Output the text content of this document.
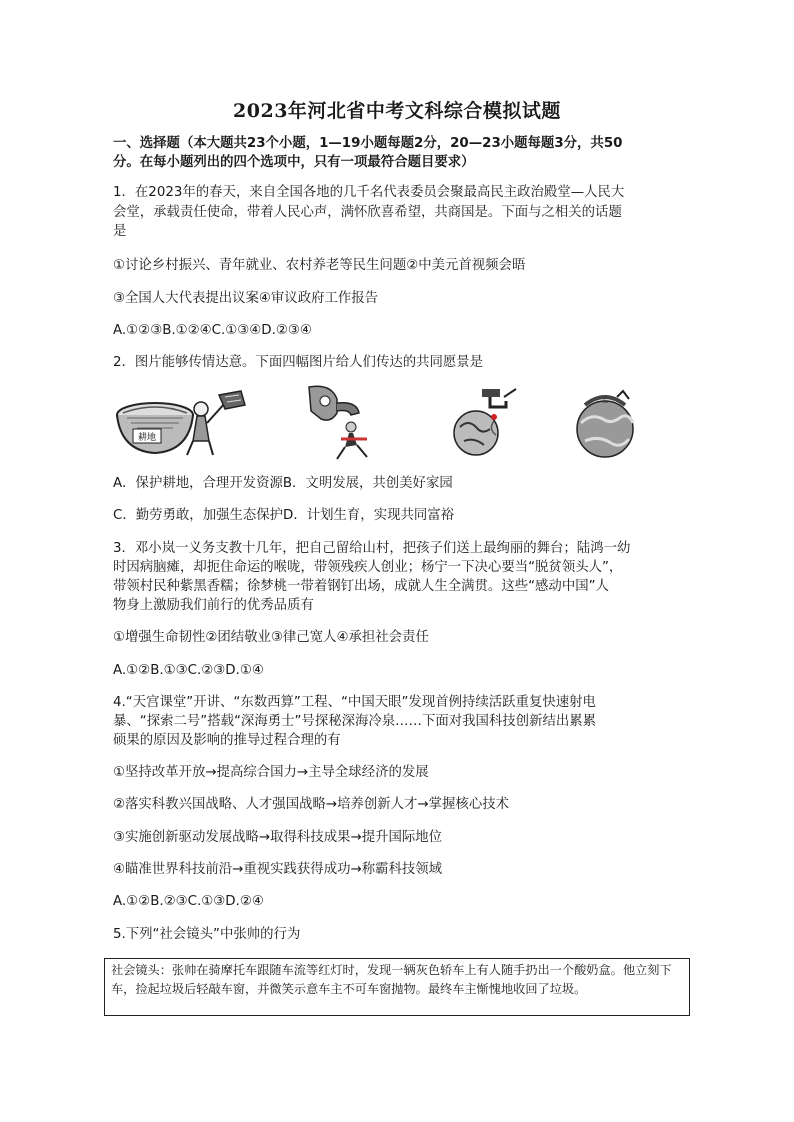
2023年河北省中考文科综合模拟试题
一、选择题（本大题共23个小题，1—19小题每题2分，20—23小题每题3分，共50
分。在每小题列出的四个选项中，只有一项最符合题目要求）
1．在2023年的春天，来自全国各地的几千名代表委员会聚最高民主政治殿堂—人民大
会堂，承载责任使命，带着人民心声，满怀欣喜希望，共商国是。下面与之相关的话题
是
①讨论乡村振兴、青年就业、农村养老等民生问题②中美元首视频会晤
③全国人大代表提出议案④审议政府工作报告
A.①②③B.①②④C.①③④D.②③④
2．图片能够传情达意。下面四幅图片给人们传达的共同愿景是
耕地
♨
A．保护耕地，合理开发资源B．文明发展，共创美好家园
C．勤劳勇敢，加强生态保护D．计划生育，实现共同富裕
3．邓小岚一义务支教十几年，把自己留给山村，把孩子们送上最绚丽的舞台；陆鸿一幼
时因病脑瘫，却扼住命运的喉咙，带领残疾人创业；杨宁一下决心要当“脱贫领头人”，
带领村民种紫黑香糯；徐梦桃一带着钢钉出场，成就人生全满贯。这些“感动中国”人
物身上激励我们前行的优秀品质有
①增强生命韧性②团结敬业③律己宽人④承担社会责任
A.①②B.①③C.②③D.①④
4.“天宫课堂”开讲、“东数西算”工程、“中国天眼”发现首例持续活跃重复快速射电
暴、“探索二号”搭载“深海勇士”号探秘深海冷泉……下面对我国科技创新结出累累
硕果的原因及影响的推导过程合理的有
①坚持改革开放→提高综合国力→主导全球经济的发展
②落实科教兴国战略、人才强国战略→培养创新人才→掌握核心技术
③实施创新驱动发展战略→取得科技成果→提升国际地位
④瞄准世界科技前沿→重视实践获得成功→称霸科技领域
A.①②B.②③C.①③D.②④
5.下列“社会镜头”中张帅的行为
社会镜头：张帅在骑摩托车跟随车流等红灯时，发现一辆灰色轿车上有人随手扔出一个酸奶盒。他立刻下车，捡起垃圾后轻敲车窗，并微笑示意车主不可车窗抛物。最终车主惭愧地收回了垃圾。
